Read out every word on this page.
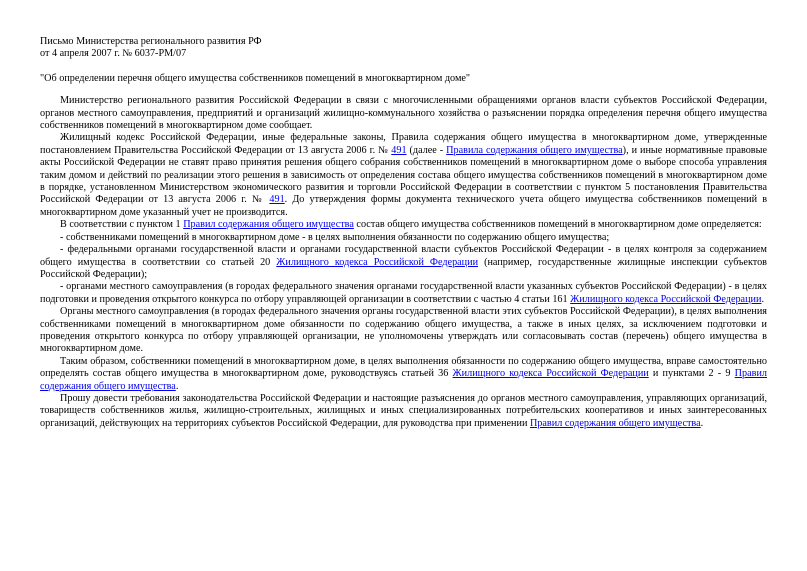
Письмо Министерства регионального развития РФ
от 4 апреля 2007 г. № 6037-РМ/07
"Об определении перечня общего имущества собственников помещений в многоквартирном доме"

Министерство регионального развития Российской Федерации в связи с многочисленными обращениями органов власти субъектов Российской Федерации, органов местного самоуправления, предприятий и организаций жилищно-коммунального хозяйства о разъяснении порядка определения перечня общего имущества собственников помещений в многоквартирном доме сообщает.

Жилищный кодекс Российской Федерации, иные федеральные законы, Правила содержания общего имущества в многоквартирном доме, утвержденные постановлением Правительства Российской Федерации от 13 августа 2006 г. № 491 (далее - Правила содержания общего имущества), и иные нормативные правовые акты Российской Федерации не ставят право принятия решения общего собрания собственников помещений в многоквартирном доме о выборе способа управления таким домом и действий по реализации этого решения в зависимость от определения состава общего имущества собственников помещений в многоквартирном доме в порядке, установленном Министерством экономического развития и торговли Российской Федерации в соответствии с пунктом 5 постановления Правительства Российской Федерации от 13 августа 2006 г. № 491. До утверждения формы документа технического учета общего имущества собственников помещений в многоквартирном доме указанный учет не производится.

В соответствии с пунктом 1 Правил содержания общего имущества состав общего имущества собственников помещений в многоквартирном доме определяется:

- собственниками помещений в многоквартирном доме - в целях выполнения обязанности по содержанию общего имущества;

- федеральными органами государственной власти и органами государственной власти субъектов Российской Федерации - в целях контроля за содержанием общего имущества в соответствии со статьей 20 Жилищного кодекса Российской Федерации (например, государственные жилищные инспекции субъектов Российской Федерации);

- органами местного самоуправления (в городах федерального значения органами государственной власти указанных субъектов Российской Федерации) - в целях подготовки и проведения открытого конкурса по отбору управляющей организации в соответствии с частью 4 статьи 161 Жилищного кодекса Российской Федерации.

Органы местного самоуправления (в городах федерального значения органы государственной власти этих субъектов Российской Федерации), в целях выполнения собственниками помещений в многоквартирном доме обязанности по содержанию общего имущества, а также в иных целях, за исключением подготовки и проведения открытого конкурса по отбору управляющей организации, не уполномочены утверждать или согласовывать состав (перечень) общего имущества в многоквартирном доме.

Таким образом, собственники помещений в многоквартирном доме, в целях выполнения обязанности по содержанию общего имущества, вправе самостоятельно определять состав общего имущества в многоквартирном доме, руководствуясь статьей 36 Жилищного кодекса Российской Федерации и пунктами 2 - 9 Правил содержания общего имущества.

Прошу довести требования законодательства Российской Федерации и настоящие разъяснения до органов местного самоуправления, управляющих организаций, товариществ собственников жилья, жилищно-строительных, жилищных и иных специализированных потребительских кооперативов и иных заинтересованных организаций, действующих на территориях субъектов Российской Федерации, для руководства при применении Правил содержания общего имущества.
